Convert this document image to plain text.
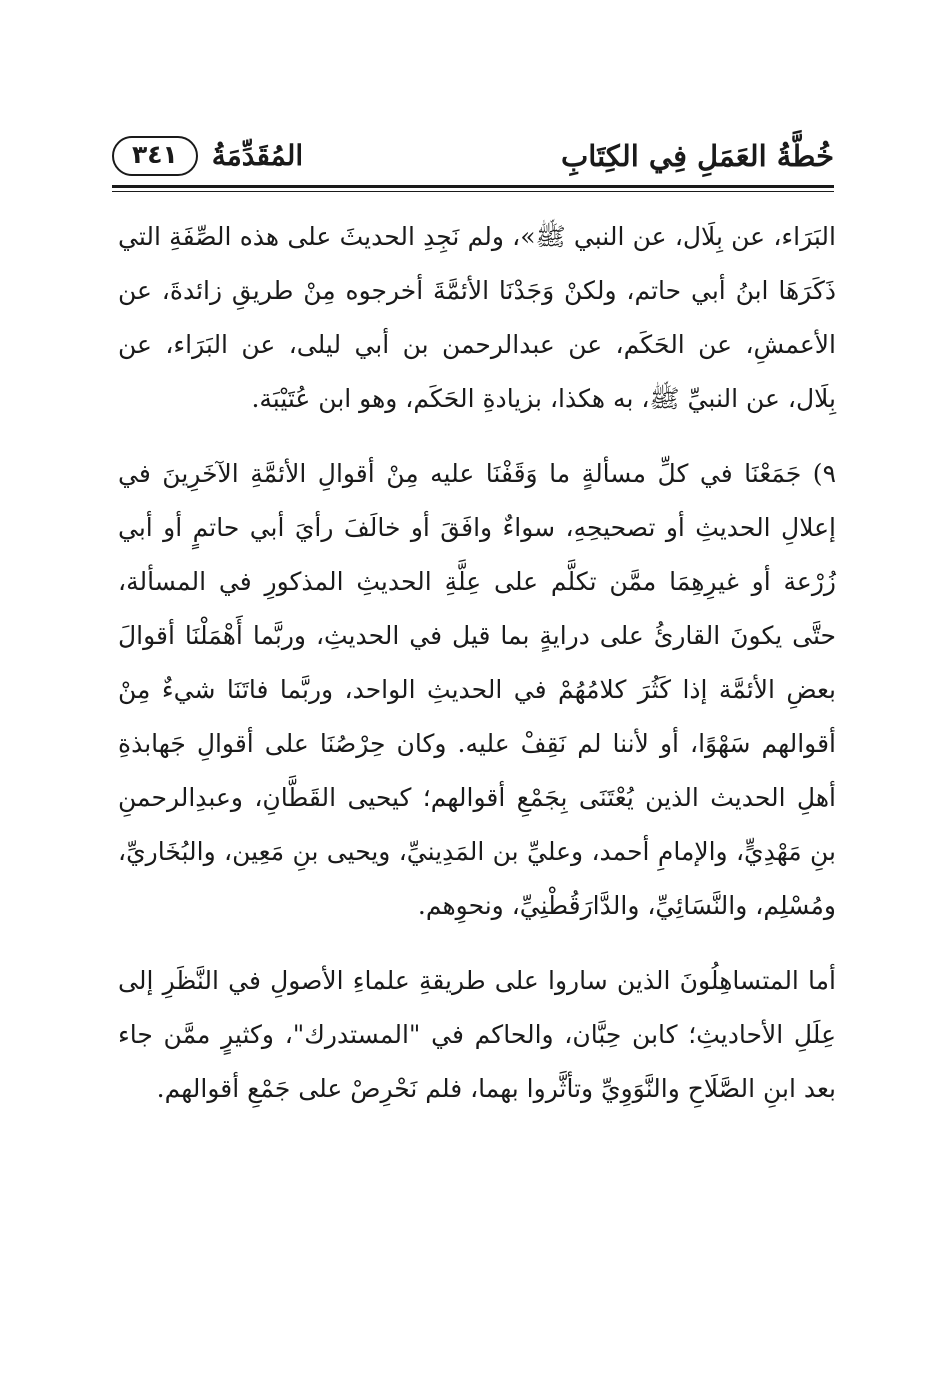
خُطَّةُ العَمَلِ فِي الكِتَابِ
المُقَدِّمَةُ
٣٤١

البَرَاء، عن بِلَال، عن النبي ﷺ»، ولم نَجِدِ الحديثَ على هذه الصِّفَةِ التي ذَكَرَهَا ابنُ أبي حاتم، ولكنْ وَجَدْنَا الأئمَّةَ أخرجوه مِنْ طريقِ زائدةَ، عن الأعمشِ، عن الحَكَم، عن عبدالرحمن بن أبي ليلى، عن البَرَاء، عن بِلَال، عن النبيِّ ﷺ، به هكذا، بزيادةِ الحَكَم، وهو ابن عُتَيْبَة.

٩) جَمَعْنَا في كلِّ مسألةٍ ما وَقَفْنَا عليه مِنْ أقوالِ الأئمَّةِ الآخَرِينَ في إعلالِ الحديثِ أو تصحيحِهِ، سواءٌ وافَقَ أو خالَفَ رأيَ أبي حاتمٍ أو أبي زُرْعة أو غيرِهِمَا ممَّن تكلَّم على عِلَّةِ الحديثِ المذكورِ في المسألة، حتَّى يكونَ القارئُ على درايةٍ بما قيل في الحديثِ، وربَّما أَهْمَلْنَا أقوالَ بعضِ الأئمَّة إذا كَثُرَ كلامُهُمْ في الحديثِ الواحد، وربَّما فاتَنَا شيءٌ مِنْ أقوالهم سَهْوًا، أو لأننا لم نَقِفْ عليه. وكان حِرْصُنَا على أقوالِ جَهابذةِ أهلِ الحديث الذين يُعْتَنَى بِجَمْعِ أقوالهم؛ كيحيى القَطَّانِ، وعبدِالرحمنِ بنِ مَهْدِيٍّ، والإمامِ أحمد، وعليِّ بن المَدِينيِّ، ويحيى بنِ مَعِين، والبُخَاريِّ، ومُسْلِم، والنَّسَائِيِّ، والدَّارَقُطْنِيِّ، ونحوِهم.

أما المتساهِلُونَ الذين ساروا على طريقةِ علماءِ الأصولِ في النَّظَرِ إلى عِلَلِ الأحاديثِ؛ كابن حِبَّان، والحاكم في "المستدرك"، وكثيرٍ ممَّن جاء بعد ابنِ الصَّلَاحِ والنَّوَوِيِّ وتأثَّروا بهما، فلم نَحْرِصْ على جَمْعِ أقوالهم.
